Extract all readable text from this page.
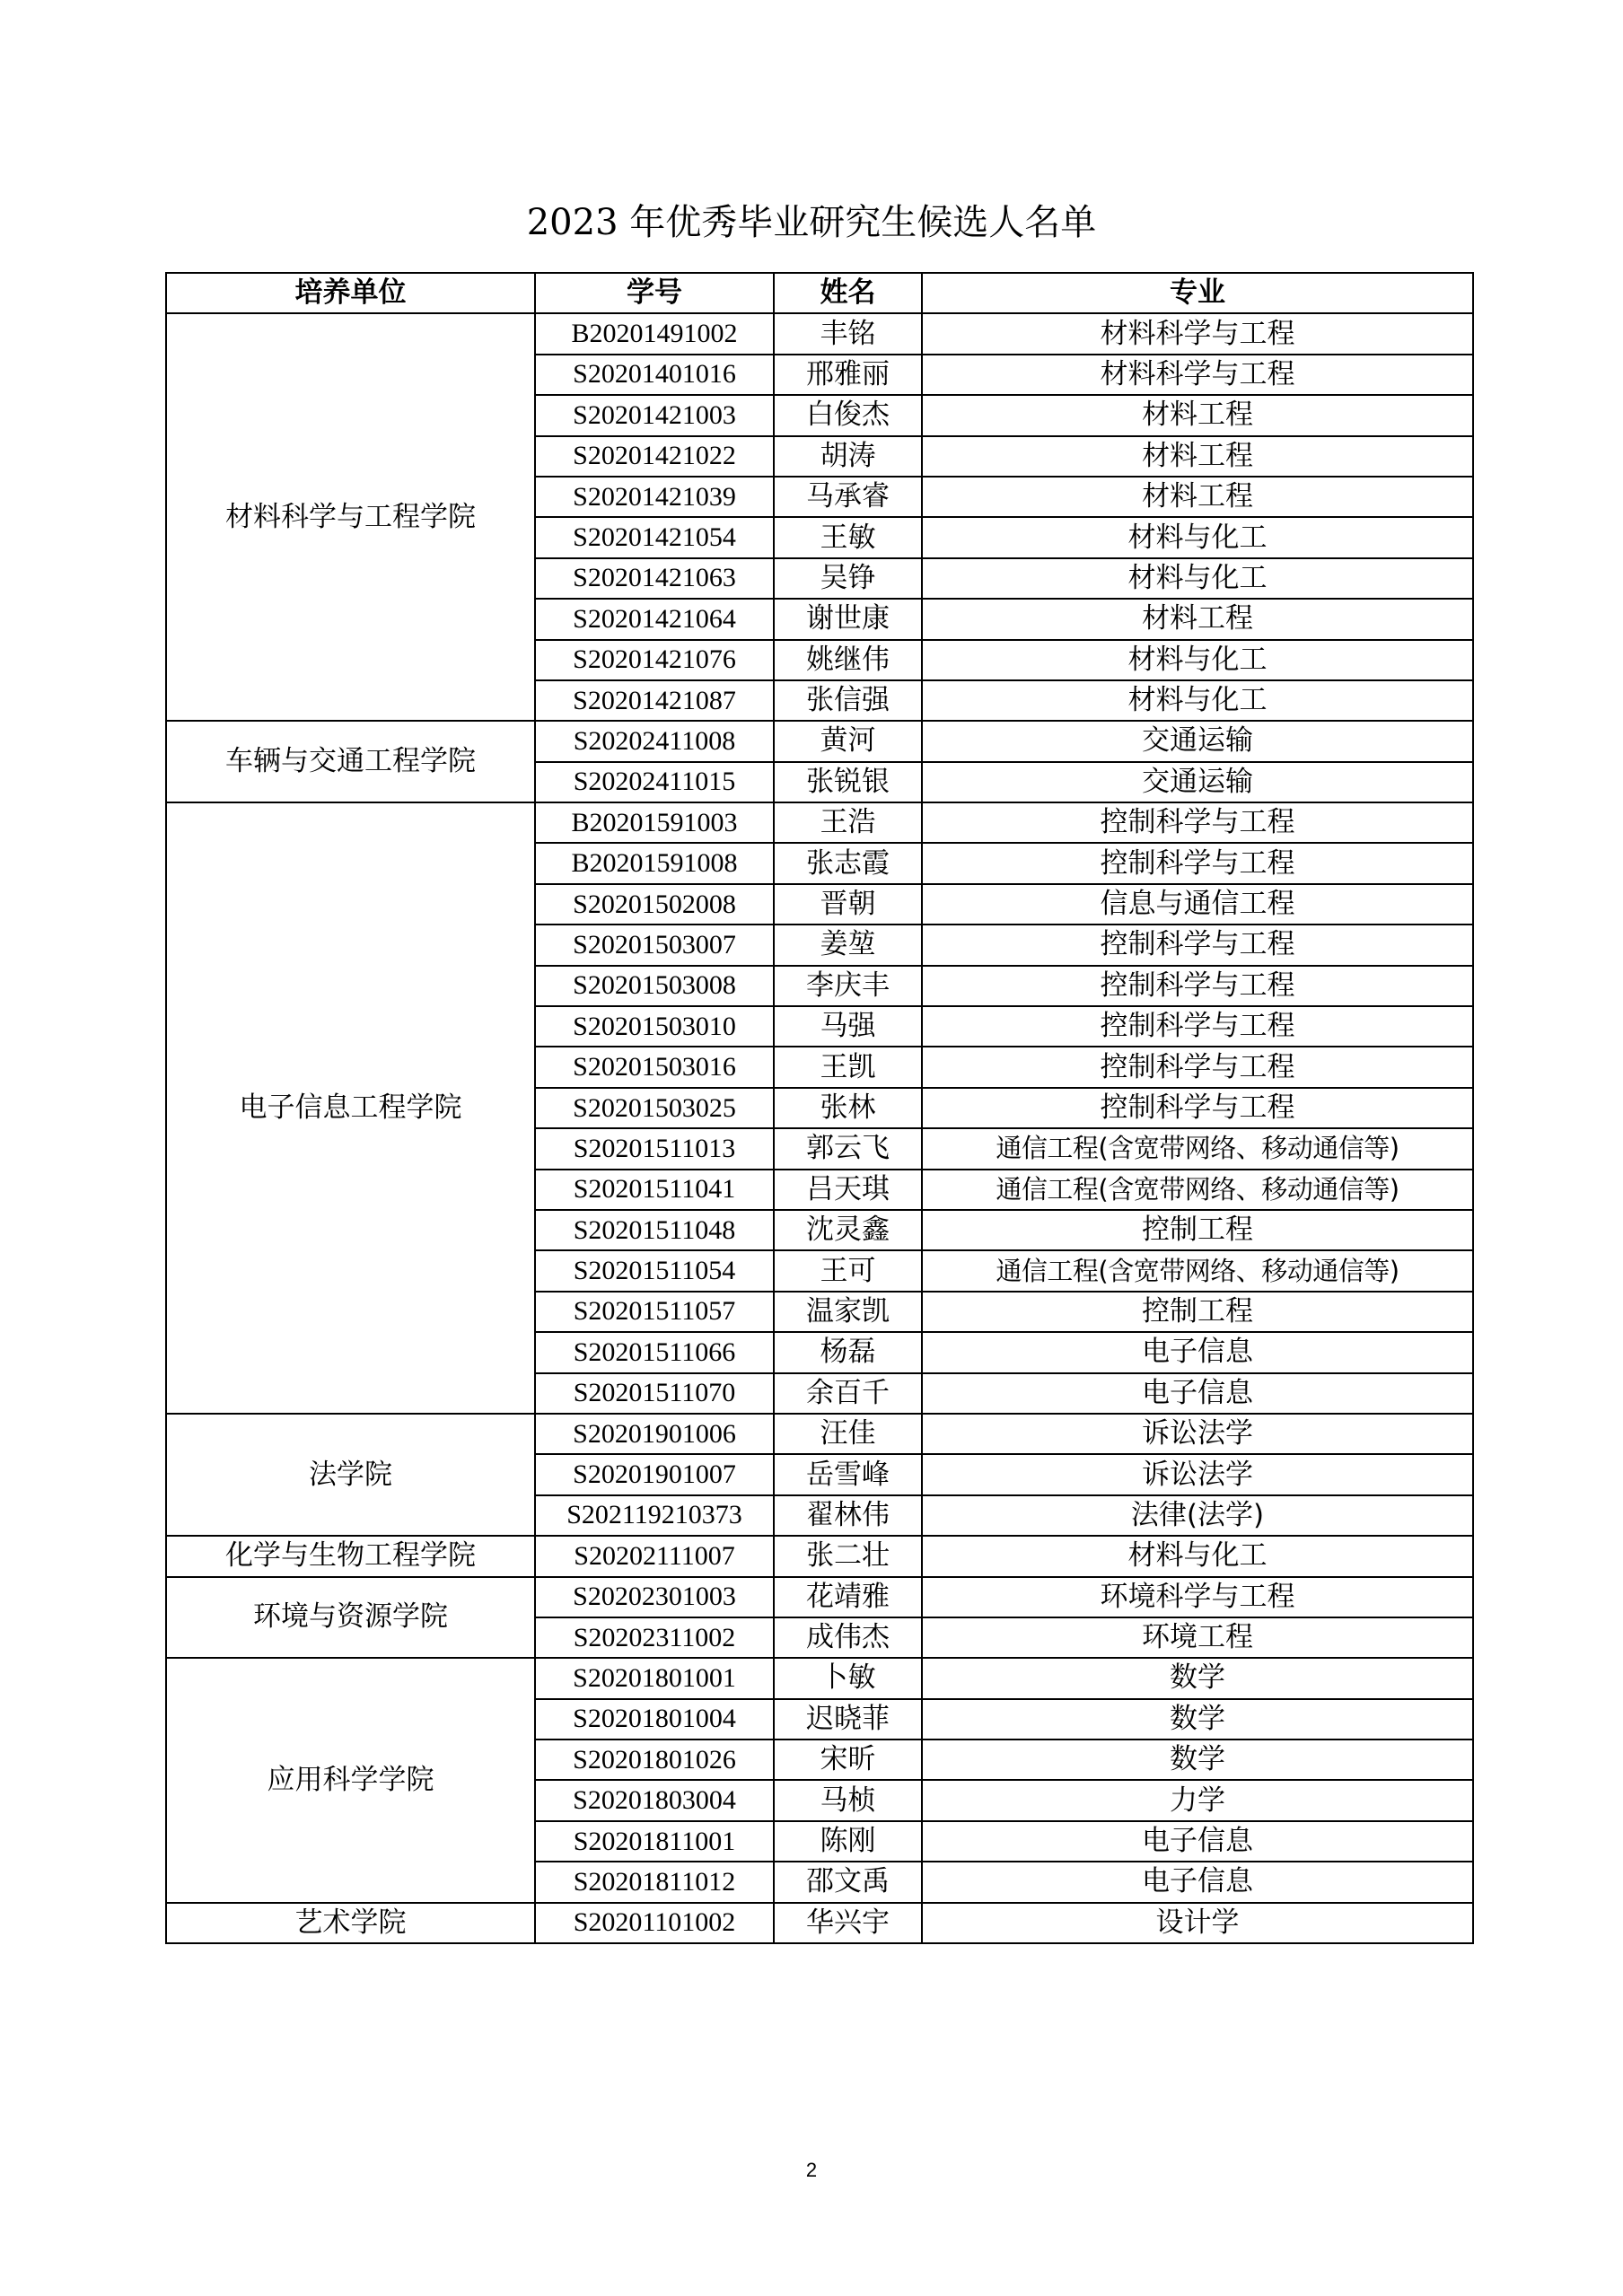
2023 年优秀毕业研究生候选人名单
培养单位	学号	姓名	专业
材料科学与工程学院	B20201491002	丰铭	材料科学与工程
	S20201401016	邢雅丽	材料科学与工程
	S20201421003	白俊杰	材料工程
	S20201421022	胡涛	材料工程
	S20201421039	马承睿	材料工程
	S20201421054	王敏	材料与化工
	S20201421063	吴铮	材料与化工
	S20201421064	谢世康	材料工程
	S20201421076	姚继伟	材料与化工
	S20201421087	张信强	材料与化工
车辆与交通工程学院	S20202411008	黄河	交通运输
	S20202411015	张锐银	交通运输
电子信息工程学院	B20201591003	王浩	控制科学与工程
	B20201591008	张志霞	控制科学与工程
	S20201502008	晋朝	信息与通信工程
	S20201503007	姜堃	控制科学与工程
	S20201503008	李庆丰	控制科学与工程
	S20201503010	马强	控制科学与工程
	S20201503016	王凯	控制科学与工程
	S20201503025	张林	控制科学与工程
	S20201511013	郭云飞	通信工程(含宽带网络、移动通信等)
	S20201511041	吕天琪	通信工程(含宽带网络、移动通信等)
	S20201511048	沈灵鑫	控制工程
	S20201511054	王可	通信工程(含宽带网络、移动通信等)
	S20201511057	温家凯	控制工程
	S20201511066	杨磊	电子信息
	S20201511070	余百千	电子信息
法学院	S20201901006	汪佳	诉讼法学
	S20201901007	岳雪峰	诉讼法学
	S202119210373	翟林伟	法律(法学)
化学与生物工程学院	S20202111007	张二壮	材料与化工
环境与资源学院	S20202301003	花靖雅	环境科学与工程
	S20202311002	成伟杰	环境工程
应用科学学院	S20201801001	卜敏	数学
	S20201801004	迟晓菲	数学
	S20201801026	宋昕	数学
	S20201803004	马桢	力学
	S20201811001	陈刚	电子信息
	S20201811012	邵文禹	电子信息
艺术学院	S20201101002	华兴宇	设计学
2
